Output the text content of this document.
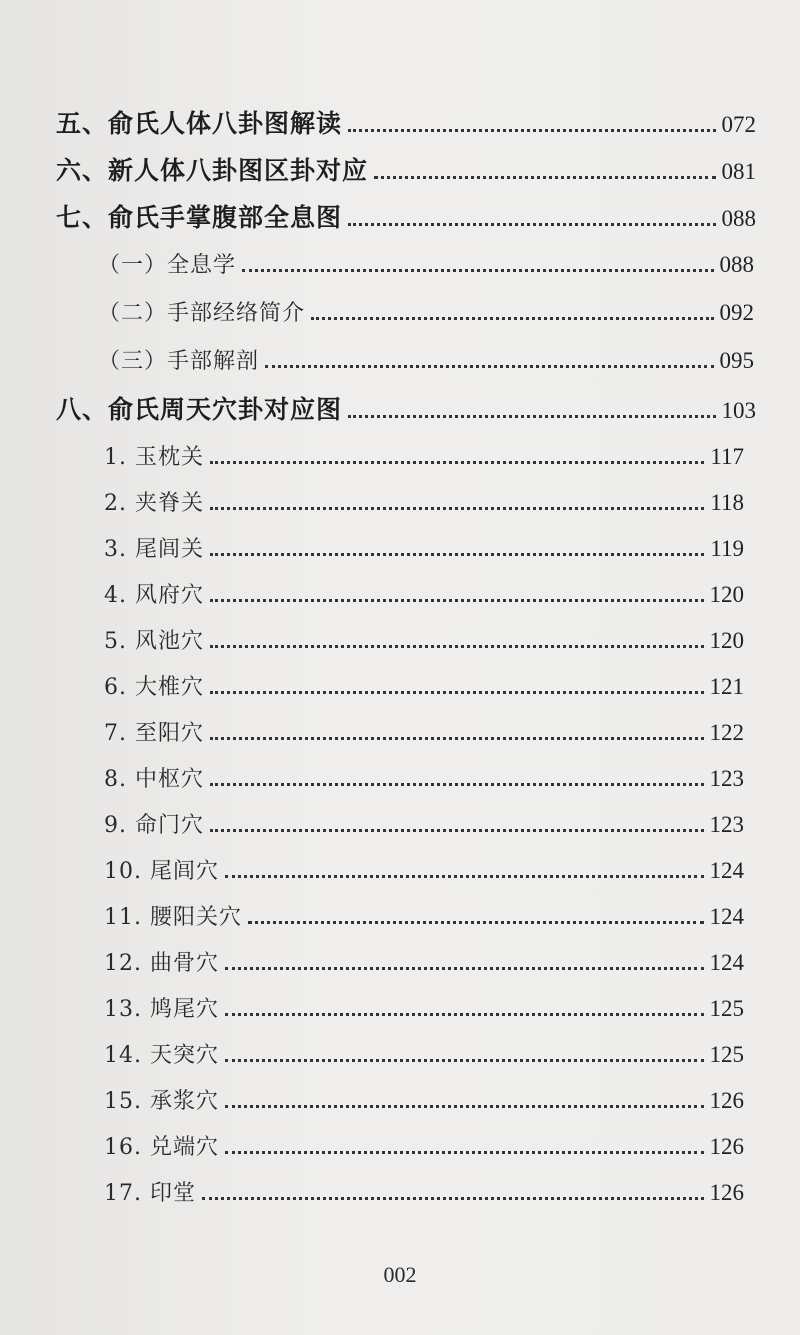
五、俞氏人体八卦图解读	072
六、新人体八卦图区卦对应	081
七、俞氏手掌腹部全息图	088
（一）全息学	088
（二）手部经络简介	092
（三）手部解剖	095
八、俞氏周天穴卦对应图	103
1. 玉枕关	117
2. 夹脊关	118
3. 尾闾关	119
4. 风府穴	120
5. 风池穴	120
6. 大椎穴	121
7. 至阳穴	122
8. 中枢穴	123
9. 命门穴	123
10. 尾闾穴	124
11. 腰阳关穴	124
12. 曲骨穴	124
13. 鸠尾穴	125
14. 天突穴	125
15. 承浆穴	126
16. 兑端穴	126
17. 印堂	126
002
